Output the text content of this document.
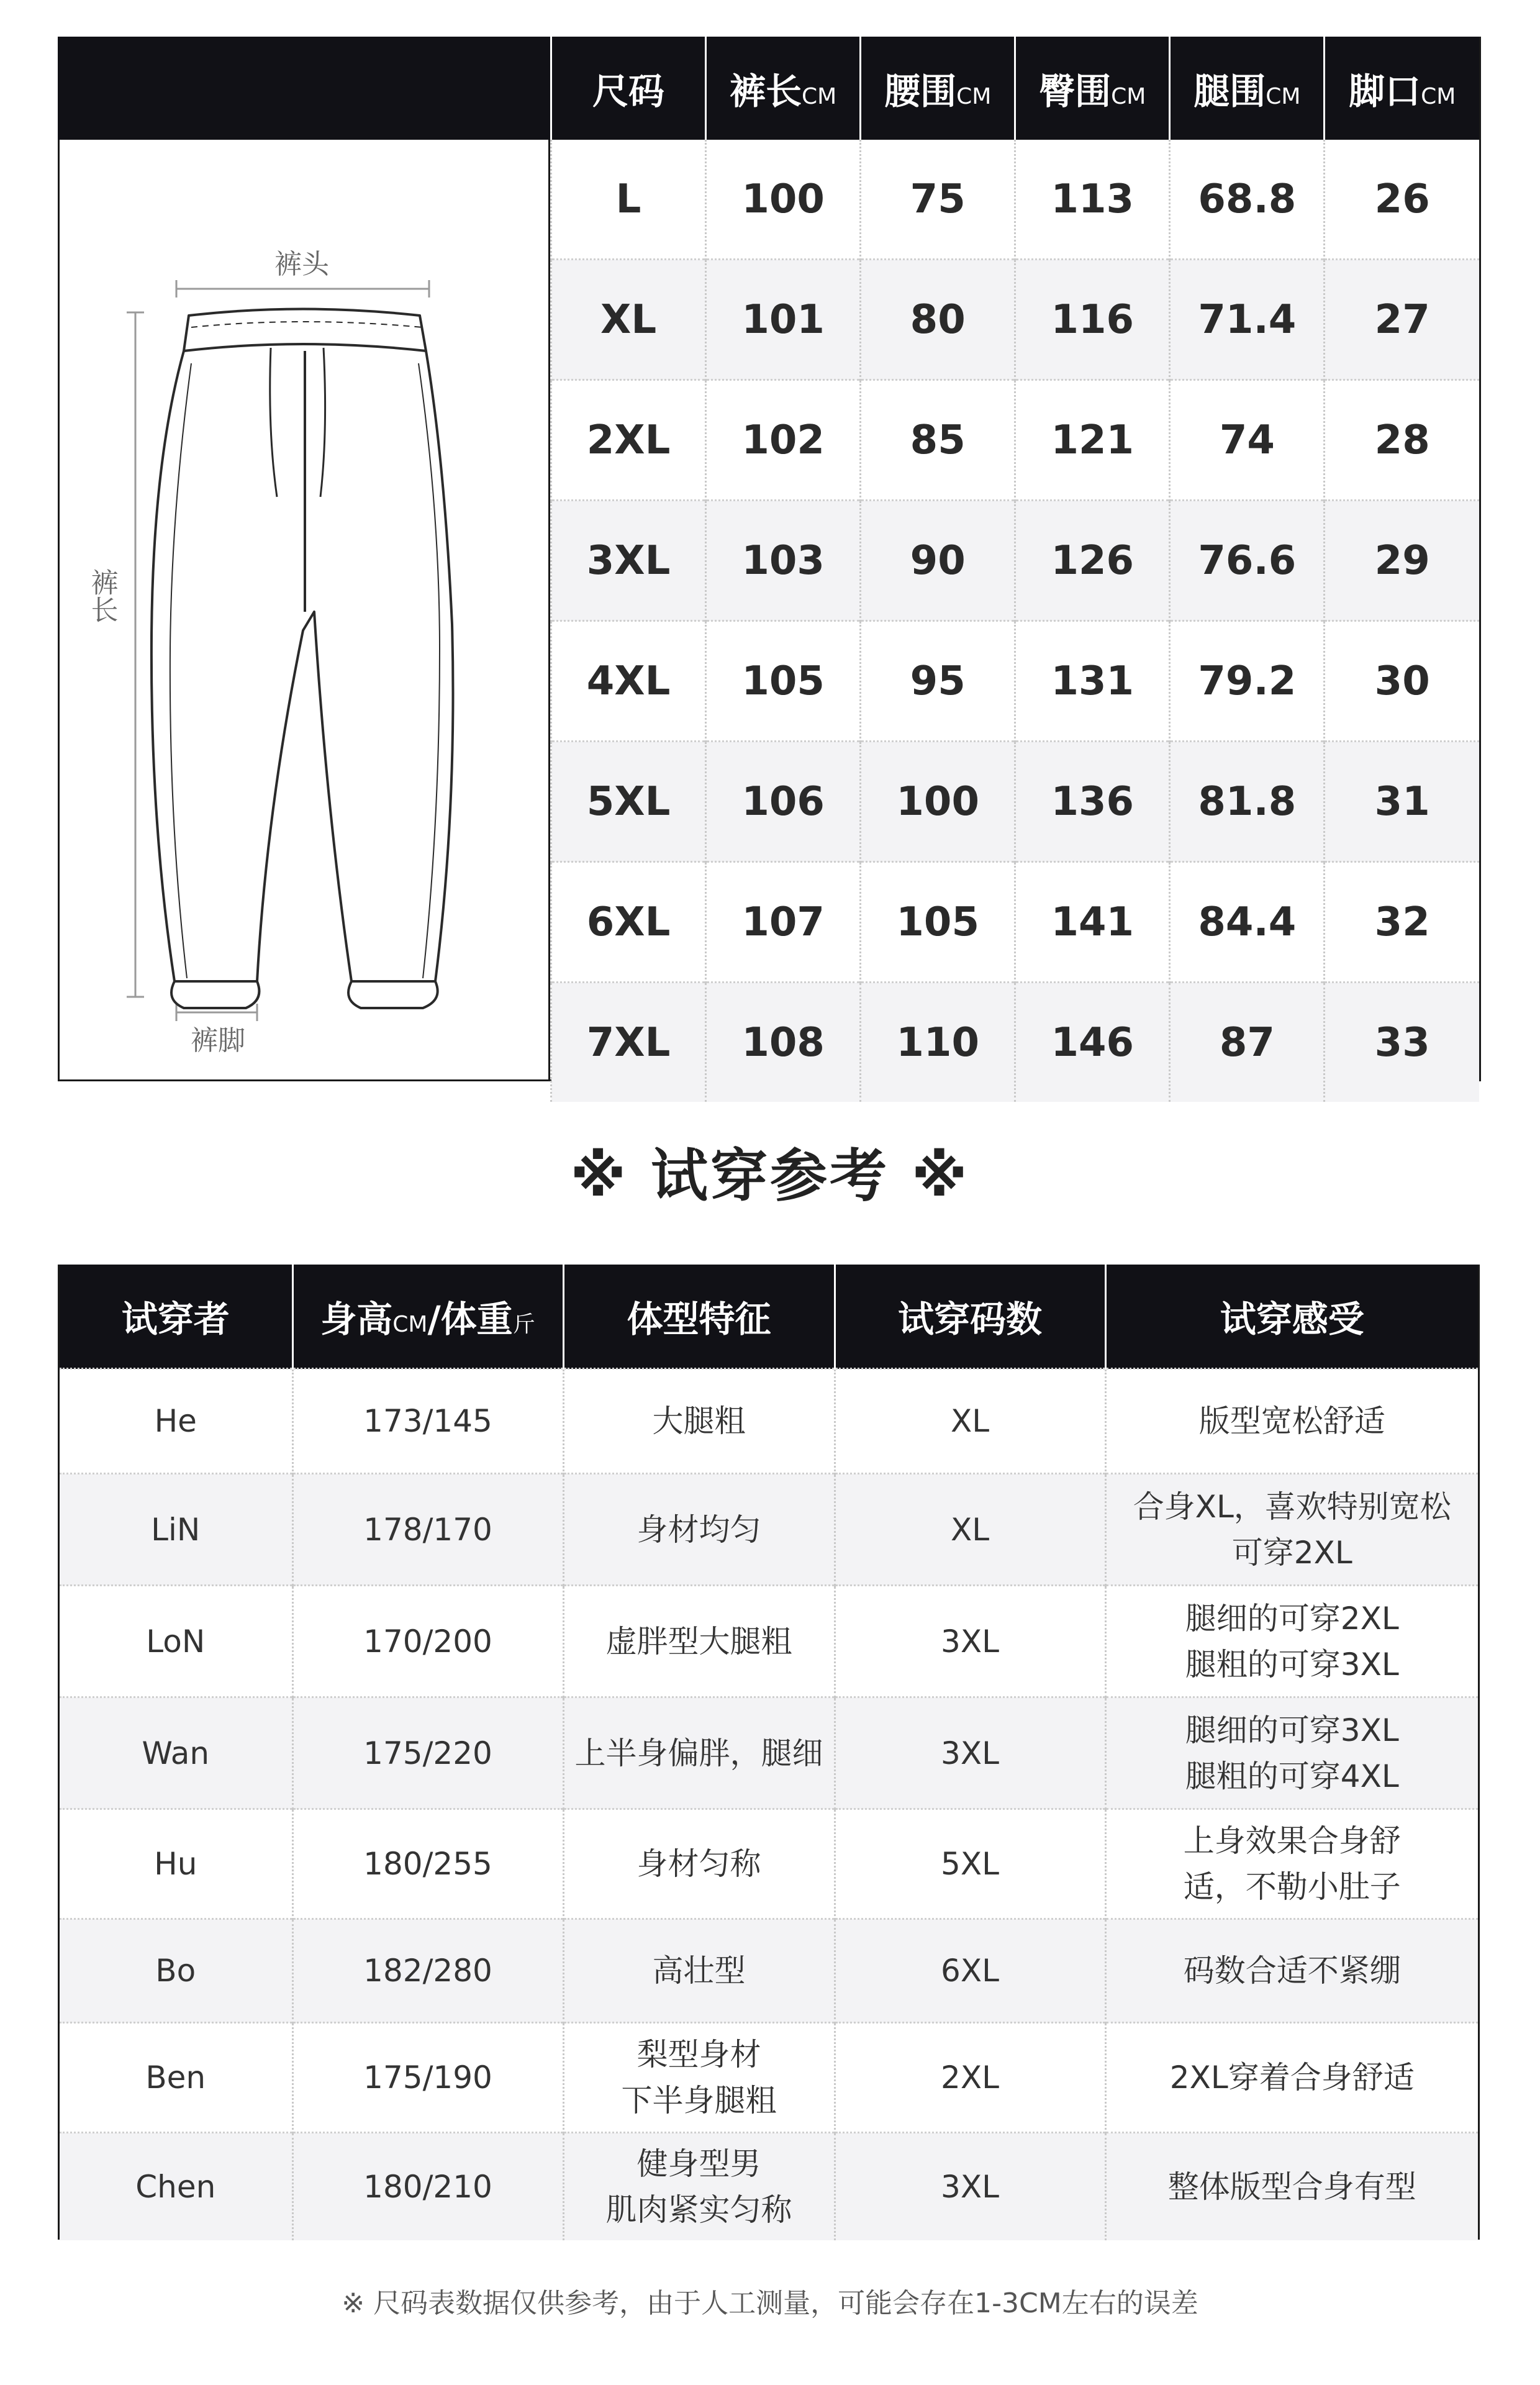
裤头
裤长
裤脚
尺码	裤长CM	腰围CM	臀围CM	腿围CM	脚口CM
L	100	75	113	68.8	26
XL	101	80	116	71.4	27
2XL	102	85	121	74	28
3XL	103	90	126	76.6	29
4XL	105	95	131	79.2	30
5XL	106	100	136	81.8	31
6XL	107	105	141	84.4	32
7XL	108	110	146	87	33
※ 试穿参考 ※
试穿者	身高CM/体重斤	体型特征	试穿码数	试穿感受
He	173/145	大腿粗	XL	版型宽松舒适

LiN	178/170	身材均匀	XL	合身XL，喜欢特别宽松
可穿2XL

LoN	170/200	虚胖型大腿粗	3XL	腿细的可穿2XL
腿粗的可穿3XL

Wan	175/220	上半身偏胖，腿细	3XL	腿细的可穿3XL
腿粗的可穿4XL

Hu	180/255	身材匀称	5XL	上身效果合身舒
适，不勒小肚子

Bo	182/280	高壮型	6XL	码数合适不紧绷

Ben	175/190	梨型身材
下半身腿粗	2XL	2XL穿着合身舒适

Chen	180/210	健身型男
肌肉紧实匀称	3XL	整体版型合身有型
※ 尺码表数据仅供参考，由于人工测量，可能会存在1-3CM左右的误差
